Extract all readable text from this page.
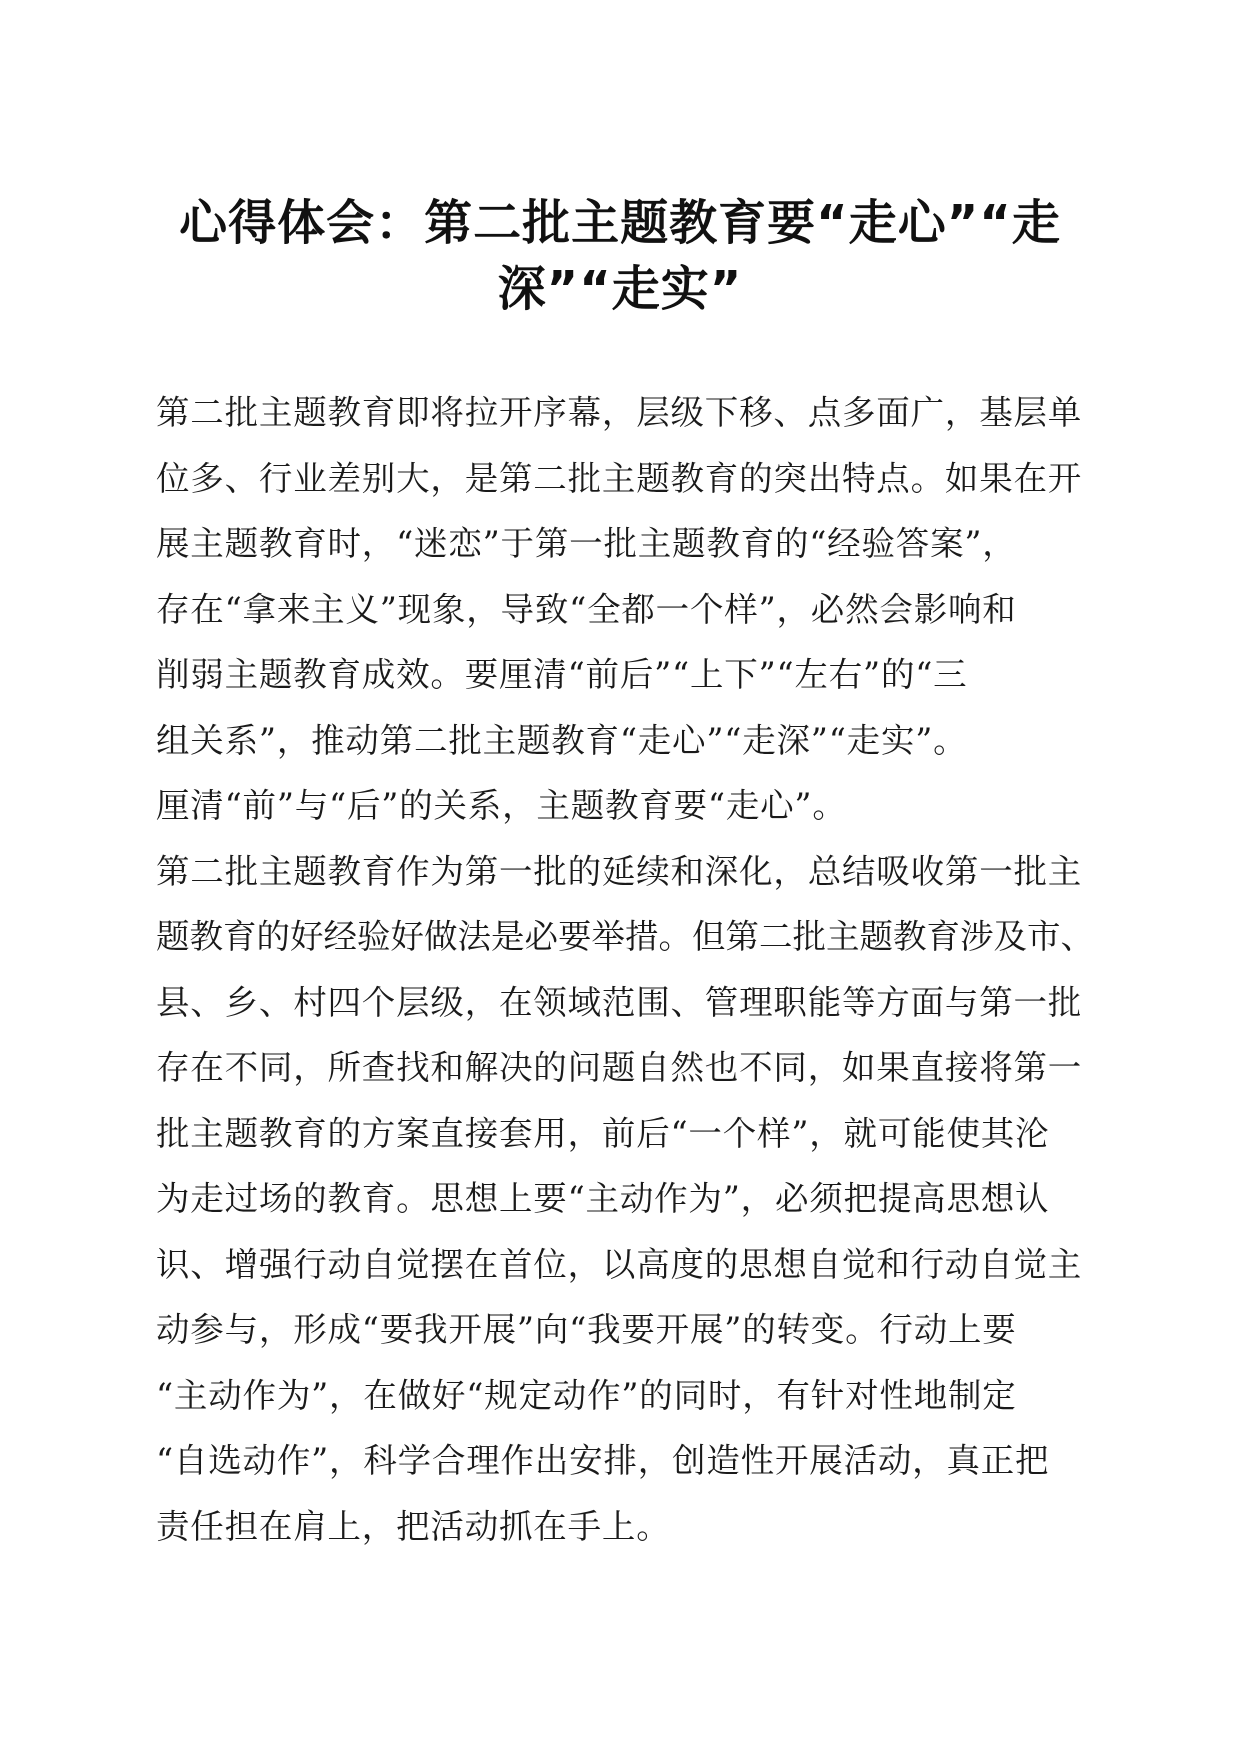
心得体会：第二批主题教育要“走心”“走
深”“走实”
第二批主题教育即将拉开序幕，层级下移、点多面广，基层单
位多、行业差别大，是第二批主题教育的突出特点。如果在开
展主题教育时，“迷恋”于第一批主题教育的“经验答案”，
存在“拿来主义”现象，导致“全都一个样”，必然会影响和
削弱主题教育成效。要厘清“前后”“上下”“左右”的“三
组关系”，推动第二批主题教育“走心”“走深”“走实”。
厘清“前”与“后”的关系，主题教育要“走心”。
第二批主题教育作为第一批的延续和深化，总结吸收第一批主
题教育的好经验好做法是必要举措。但第二批主题教育涉及市、
县、乡、村四个层级，在领域范围、管理职能等方面与第一批
存在不同，所查找和解决的问题自然也不同，如果直接将第一
批主题教育的方案直接套用，前后“一个样”，就可能使其沦
为走过场的教育。思想上要“主动作为”，必须把提高思想认
识、增强行动自觉摆在首位，以高度的思想自觉和行动自觉主
动参与，形成“要我开展”向“我要开展”的转变。行动上要
“主动作为”，在做好“规定动作”的同时，有针对性地制定
“自选动作”，科学合理作出安排，创造性开展活动，真正把
责任担在肩上，把活动抓在手上。
